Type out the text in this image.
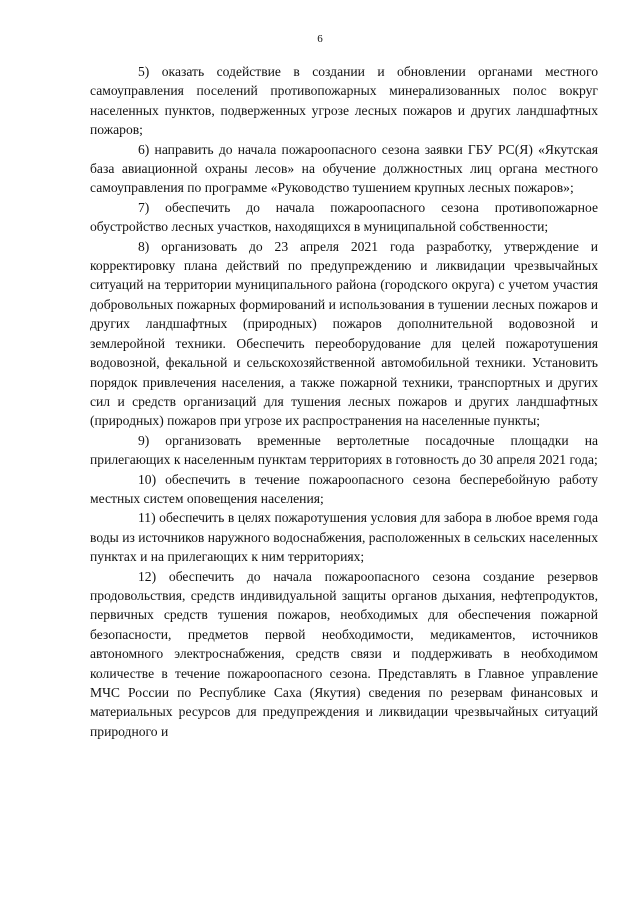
6

5) оказать содействие в создании и обновлении органами местного самоуправления поселений противопожарных минерализованных полос вокруг населенных пунктов, подверженных угрозе лесных пожаров и других ландшафтных пожаров;

6) направить до начала пожароопасного сезона заявки ГБУ РС(Я) «Якутская база авиационной охраны лесов» на обучение должностных лиц органа местного самоуправления по программе «Руководство тушением крупных лесных пожаров»;

7) обеспечить до начала пожароопасного сезона противопожарное обустройство лесных участков, находящихся в муниципальной собственности;

8) организовать до 23 апреля 2021 года разработку, утверждение и корректировку плана действий по предупреждению и ликвидации чрезвычайных ситуаций на территории муниципального района (городского округа) с учетом участия добровольных пожарных формирований и использования в тушении лесных пожаров и других ландшафтных (природных) пожаров дополнительной водовозной и землеройной техники. Обеспечить переоборудование для целей пожаротушения водовозной, фекальной и сельскохозяйственной автомобильной техники. Установить порядок привлечения населения, а также пожарной техники, транспортных и других сил и средств организаций для тушения лесных пожаров и других ландшафтных (природных) пожаров при угрозе их распространения на населенные пункты;

9) организовать временные вертолетные посадочные площадки на прилегающих к населенным пунктам территориях в готовность до 30 апреля 2021 года;

10) обеспечить в течение пожароопасного сезона бесперебойную работу местных систем оповещения населения;

11) обеспечить в целях пожаротушения условия для забора в любое время года воды из источников наружного водоснабжения, расположенных в сельских населенных пунктах и на прилегающих к ним территориях;

12) обеспечить до начала пожароопасного сезона создание резервов продовольствия, средств индивидуальной защиты органов дыхания, нефтепродуктов, первичных средств тушения пожаров, необходимых для обеспечения пожарной безопасности, предметов первой необходимости, медикаментов, источников автономного электроснабжения, средств связи и поддерживать в необходимом количестве в течение пожароопасного сезона. Представлять в Главное управление МЧС России по Республике Саха (Якутия) сведения по резервам финансовых и материальных ресурсов для предупреждения и ликвидации чрезвычайных ситуаций природного и
